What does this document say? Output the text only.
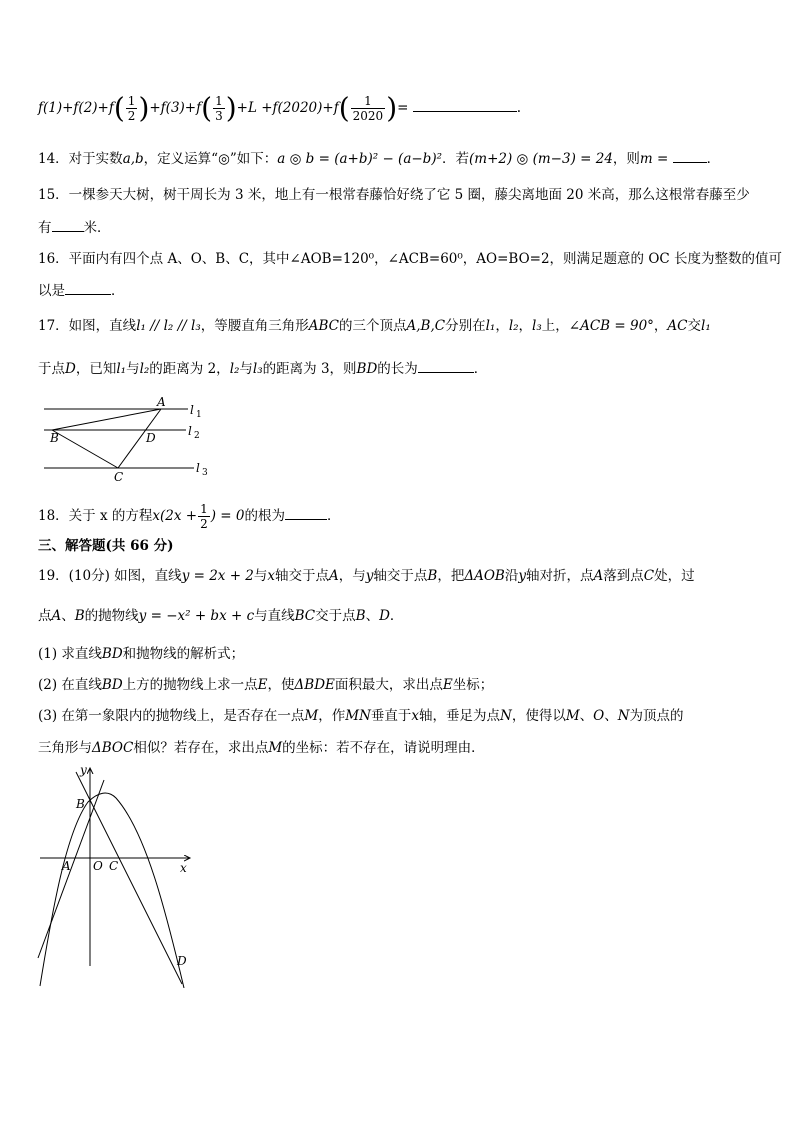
$f(1)+f(2)+f( \frac{1}{2} )+f(3)+f( \frac{1}{3} )+L +f(2020)+f( \frac{1}{2020}$ )=	.
14．对于实数a,b，定义运算“◎”如下：a ◎ b = (a+b)² − (a−b)²．若(m+2) ◎ (m−3) = 24，则m =	．
15．一棵参天大树，树干周长为 3 米，地上有一根常春藤恰好绕了它 5 圈，藤尖离地面 20 米高，那么这根常春藤至少
有 米．
16．平面内有四个点 A、O、B、C，其中∠AOB=120⁰，∠ACB=60⁰，AO=BO=2，则满足题意的 OC 长度为整数的值可
以是	．
17．如图，直线l₁ // l₂ // l₃，等腰直角三角形ABC的三个顶点A,B,C分别在l₁，l₂，l₃上，∠ACB = 90°，AC交l₁
于点D，已知l₁与l₂的距离为 2，l₂与l₃的距离为 3，则BD的长为	．
A
B	D
C
l 1
l 2
l 3
18．关于 x 的方程$x(2x + \frac{1}{2}$ ) = 0的根为	．
三、解答题(共 66 分)
19．(10分) 如图，直线y = 2x + 2与x轴交于点A，与y轴交于点B，把ΔAOB沿y轴对折，点A落到点C处，过
点A、B的抛物线y = −x² + bx + c与直线BC交于点B、D．
(1) 求直线BD和抛物线的解析式；
(2) 在直线BD上方的抛物线上求一点E，使ΔBDE面积最大，求出点E坐标；
(3) 在第一象限内的抛物线上，是否存在一点M，作MN垂直于x轴，垂足为点N，使得以M、O、N为顶点的
三角形与ΔBOC相似？若存在，求出点M的坐标：若不存在，请说明理由．
y
x
B
A O C
D
